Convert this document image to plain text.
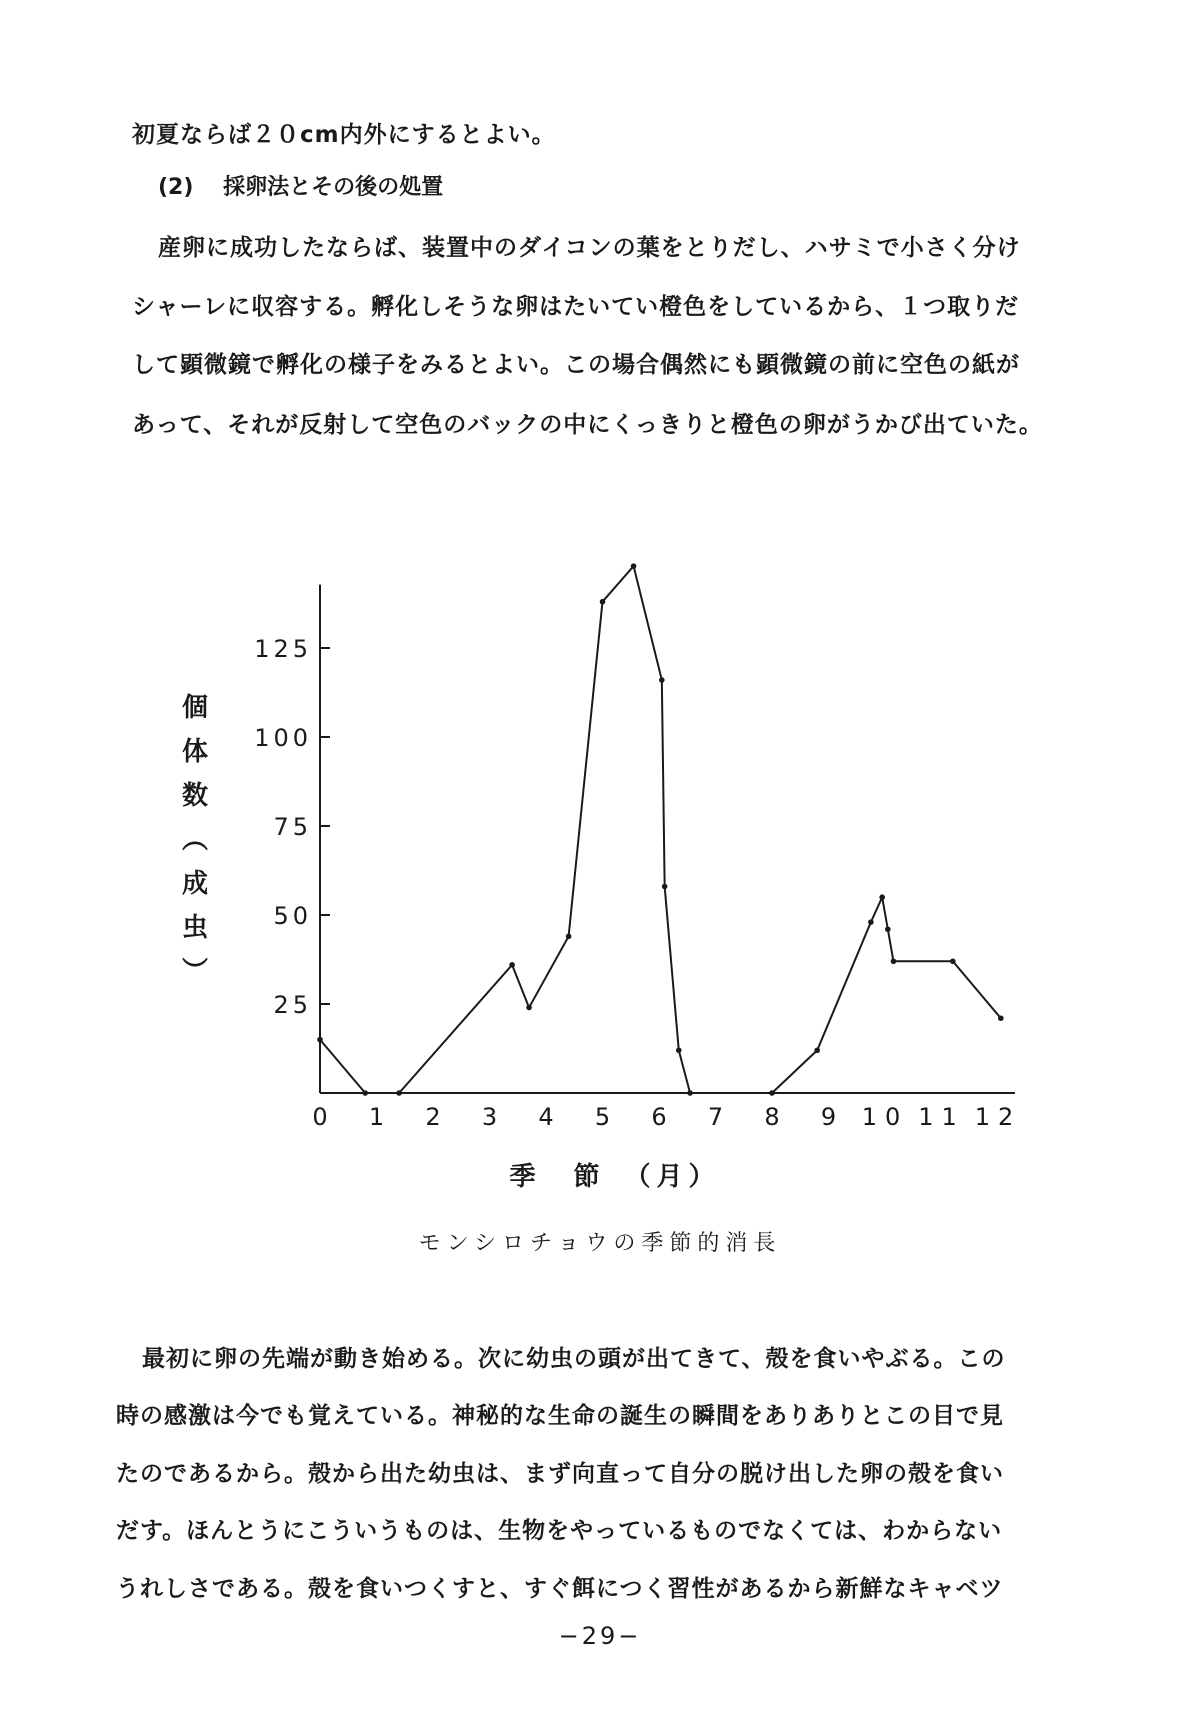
初夏ならば２０cm内外にするとよい。
(2) 採卵法とその後の処置
産卵に成功したならば、装置中のダイコンの葉をとりだし、ハサミで小さく分け
シャーレに収容する。孵化しそうな卵はたいてい橙色をしているから、１つ取りだ
して顕微鏡で孵化の様子をみるとよい。この場合偶然にも顕微鏡の前に空色の紙が
あって、それが反射して空色のバックの中にくっきりと橙色の卵がうかび出ていた。
個
体
数
︵
成
虫
︶
25
50
75
100
125
0 1 2 3 4 5 6 7 8 9 10 11 12
季　節　（月）
モンシロチョウの季節的消長
最初に卵の先端が動き始める。次に幼虫の頭が出てきて、殻を食いやぶる。この
時の感激は今でも覚えている。神秘的な生命の誕生の瞬間をありありとこの目で見
たのであるから。殻から出た幼虫は、まず向直って自分の脱け出した卵の殻を食い
だす。ほんとうにこういうものは、生物をやっているものでなくては、わからない
うれしさである。殻を食いつくすと、すぐ餌につく習性があるから新鮮なキャベツ
−29−
